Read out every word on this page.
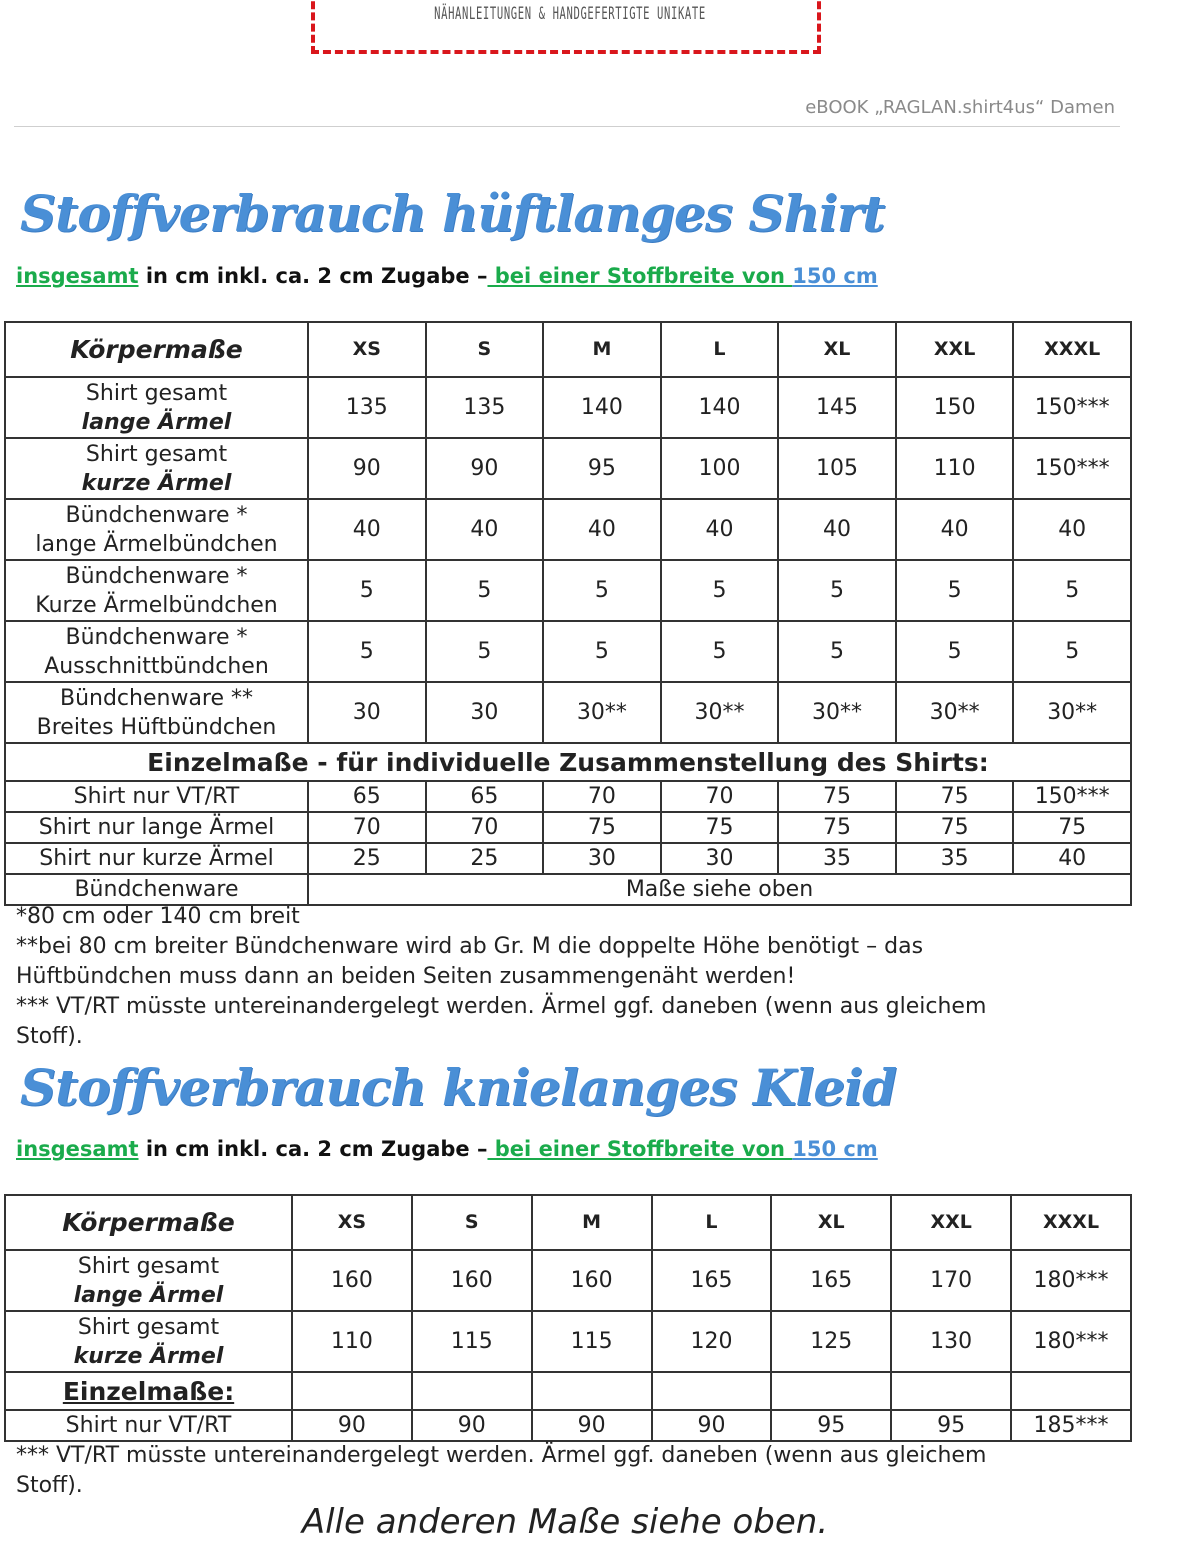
NÄHANLEITUNGEN & HANDGEFERTIGTE UNIKATE
eBOOK „RAGLAN.shirt4us“ Damen
Stoffverbrauch hüftlanges Shirt
insgesamt in cm inkl. ca. 2 cm Zugabe – bei einer Stoffbreite von 150 cm
Körpermaße	XS	S	M	L	XL	XXL	XXXL

Shirt gesamt
lange Ärmel	135	135	140	140	145	150	150***

Shirt gesamt
kurze Ärmel	90	90	95	100	105	110	150***

Bündchenware *
lange Ärmelbündchen	40	40	40	40	40	40	40

Bündchenware *
Kurze Ärmelbündchen	5	5	5	5	5	5	5

Bündchenware *
Ausschnittbündchen	5	5	5	5	5	5	5

Bündchenware **
Breites Hüftbündchen	30	30	30**	30**	30**	30**	30**
Einzelmaße - für individuelle Zusammenstellung des Shirts:							
Shirt nur VT/RT	65	65	70	70	75	75	150***
Shirt nur lange Ärmel	70	70	75	75	75	75	75
Shirt nur kurze Ärmel	25	25	30	30	35	35	40
Bündchenware	Maße siehe oben						
*80 cm oder 140 cm breit
**bei 80 cm breiter Bündchenware wird ab Gr. M die doppelte Höhe benötigt – das
Hüftbündchen muss dann an beiden Seiten zusammengenäht werden!
*** VT/RT müsste untereinandergelegt werden. Ärmel ggf. daneben (wenn aus gleichem
Stoff).
Stoffverbrauch knielanges Kleid
insgesamt in cm inkl. ca. 2 cm Zugabe – bei einer Stoffbreite von 150 cm
Körpermaße	XS	S	M	L	XL	XXL	XXXL

Shirt gesamt
lange Ärmel	160	160	160	165	165	170	180***

Shirt gesamt
kurze Ärmel	110	115	115	120	125	130	180***
Einzelmaße:							
Shirt nur VT/RT	90	90	90	90	95	95	185***
*** VT/RT müsste untereinandergelegt werden. Ärmel ggf. daneben (wenn aus gleichem
Stoff).
Alle anderen Maße siehe oben.
